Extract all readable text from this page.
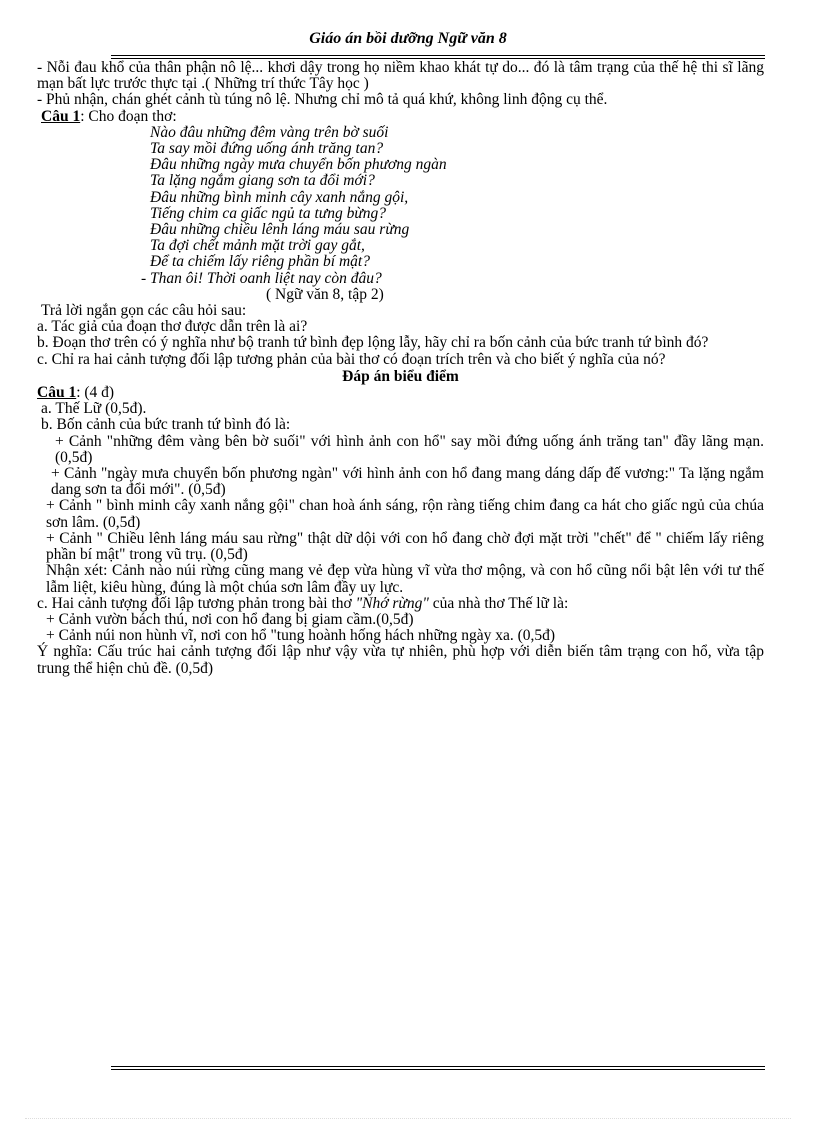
Giáo án bồi dưỡng Ngữ văn 8

- Nỗi đau khổ của thân phận nô lệ... khơi dậy trong họ niềm khao khát tự do... đó là tâm trạng của thế hệ thi sĩ lãng mạn bất lực trước thực tại .( Những trí thức Tây học )

- Phủ nhận, chán ghét cảnh tù túng nô lệ. Nhưng chỉ mô tả quá khứ, không linh động cụ thể.

Câu 1: Cho đoạn thơ:

Nào đâu những đêm vàng trên bờ suối

Ta say mồi đứng uống ánh trăng tan?

Đâu những ngày mưa chuyển bốn phương ngàn

Ta lặng ngắm giang sơn ta đổi mới?

Đâu những bình minh cây xanh nắng gội,

Tiếng chim ca giấc ngủ ta tưng bừng?

Đâu những chiều lênh láng máu sau rừng

Ta đợi chết mảnh mặt trời gay gắt,

Để ta chiếm lấy riêng phần bí mật?

- Than ôi! Thời oanh liệt nay còn đâu?

( Ngữ văn 8, tập 2)

Trả lời ngắn gọn các câu hỏi sau:

a. Tác giả của đoạn thơ được dẫn trên là ai?

b. Đoạn thơ trên có ý nghĩa như bộ tranh tứ bình đẹp lộng lẫy, hãy chỉ ra bốn cảnh của bức tranh tứ bình đó?

c. Chỉ ra hai cảnh tượng đối lập tương phản của bài thơ có đoạn trích trên và cho biết ý nghĩa của nó?

Đáp án biểu điểm

Câu 1: (4 đ)

a. Thế Lữ (0,5đ).

b. Bốn cảnh của bức tranh tứ bình đó là:

+ Cảnh "những đêm vàng bên bờ suối" với hình ảnh con hổ" say mồi đứng uống ánh trăng tan" đầy lãng mạn. (0,5đ)

+ Cảnh "ngày mưa chuyển bốn phương ngàn" với hình ảnh con hổ đang mang dáng dấp đế vương:" Ta lặng ngắm dang sơn ta đổi mới". (0,5đ)

+ Cảnh " bình minh cây xanh nắng gội" chan hoà ánh sáng, rộn ràng tiếng chim đang ca hát cho giấc ngủ của chúa sơn lâm. (0,5đ)

+ Cảnh " Chiều lênh láng máu sau rừng" thật dữ dội với con hổ đang chờ đợi mặt trời "chết" để " chiếm lấy riêng phần bí mật" trong vũ trụ. (0,5đ)

Nhận xét: Cảnh nào núi rừng cũng mang vẻ đẹp vừa hùng vĩ vừa thơ mộng, và con hổ cũng nổi bật lên với tư thế lẫm liệt, kiêu hùng, đúng là một chúa sơn lâm đầy uy lực.

c. Hai cảnh tượng đối lập tương phản trong bài thơ "Nhớ rừng" của nhà thơ Thế lữ là:

+ Cảnh vườn bách thú, nơi con hổ đang bị giam cầm.(0,5đ)

+ Cảnh núi non hùnh vĩ, nơi con hổ "tung hoành hống hách những ngày xa. (0,5đ)

Ý nghĩa: Cấu trúc hai cảnh tượng đối lập như vậy vừa tự nhiên, phù hợp với diễn biến tâm trạng con hổ, vừa tập trung thể hiện chủ đề. (0,5đ)
